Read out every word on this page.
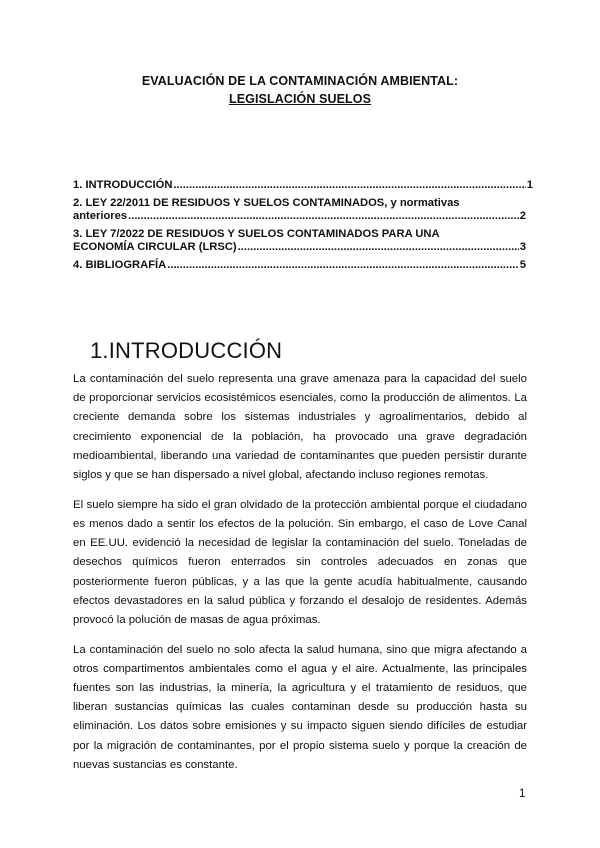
EVALUACIÓN DE LA CONTAMINACIÓN AMBIENTAL:
LEGISLACIÓN SUELOS
1. INTRODUCCIÓN .....	1
2. LEY 22/2011 DE RESIDUOS Y SUELOS CONTAMINADOS, y normativas
anteriores .....	2
3. LEY 7/2022 DE RESIDUOS Y SUELOS CONTAMINADOS PARA UNA
ECONOMÍA CIRCULAR (LRSC) .....	3
4. BIBLIOGRAFÍA .....	5
1.INTRODUCCIÓN

La contaminación del suelo representa una grave amenaza para la capacidad del suelo de proporcionar servicios ecosistémicos esenciales, como la producción de alimentos. La creciente demanda sobre los sistemas industriales y agroalimentarios, debido al crecimiento exponencial de la población, ha provocado una grave degradación medioambiental, liberando una variedad de contaminantes que pueden persistir durante siglos y que se han dispersado a nivel global, afectando incluso regiones remotas.

El suelo siempre ha sido el gran olvidado de la protección ambiental porque el ciudadano es menos dado a sentir los efectos de la polución. Sin embargo, el caso de Love Canal en EE.UU. evidenció la necesidad de legislar la contaminación del suelo. Toneladas de desechos químicos fueron enterrados sin controles adecuados en zonas que posteriormente fueron públicas, y a las que la gente acudía habitualmente, causando efectos devastadores en la salud pública y forzando el desalojo de residentes. Además provocó la polución de masas de agua próximas.

La contaminación del suelo no solo afecta la salud humana, sino que migra afectando a otros compartimentos ambientales como el agua y el aire. Actualmente, las principales fuentes son las industrias, la minería, la agricultura y el tratamiento de residuos, que liberan sustancias químicas las cuales contaminan desde su producción hasta su eliminación. Los datos sobre emisiones y su impacto siguen siendo difíciles de estudiar por la migración de contaminantes, por el propio sistema suelo y porque la creación de nuevas sustancias es constante.

1
